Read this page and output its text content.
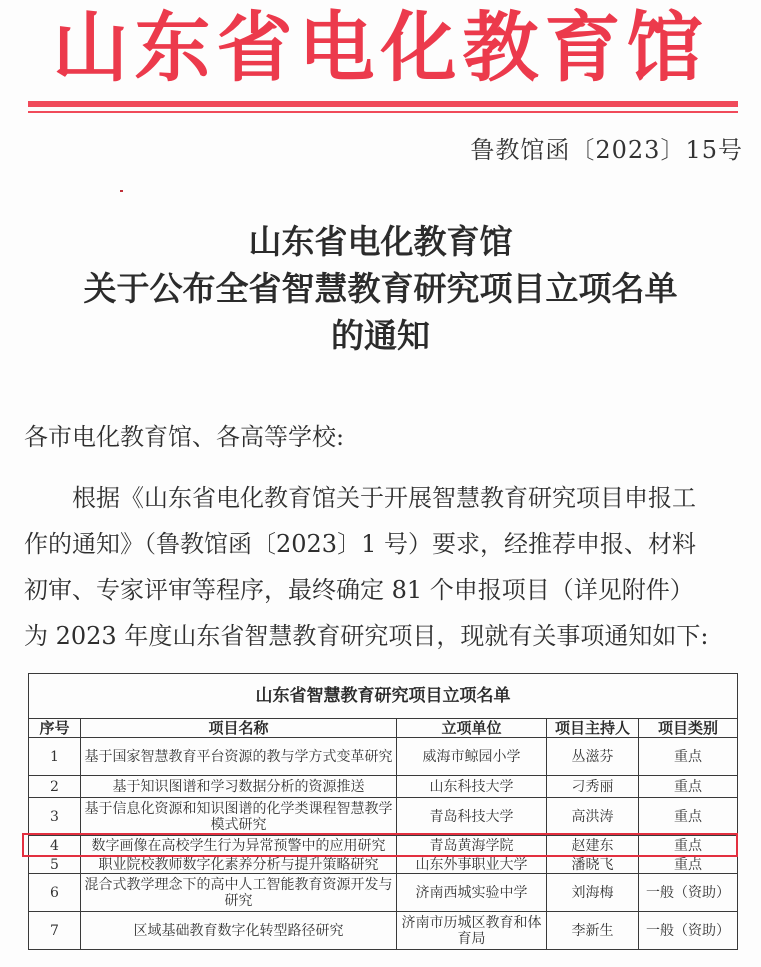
山东省电化教育馆
鲁教馆函〔2023〕15号
山东省电化教育馆
关于公布全省智慧教育研究项目立项名单
的通知
各市电化教育馆、各高等学校:
根据《山东省电化教育馆关于开展智慧教育研究项目申报工
作的通知》（鲁教馆函〔2023〕1 号）要求，经推荐申报、材料
初审、专家评审等程序，最终确定 81 个申报项目（详见附件）
为 2023 年度山东省智慧教育研究项目，现就有关事项通知如下:
山东省智慧教育研究项目立项名单				
序号	项目名称	立项单位	项目主持人	项目类别
1	基于国家智慧教育平台资源的教与学方式变革研究	威海市鲸园小学	丛滋芬	重点
2	基于知识图谱和学习数据分析的资源推送	山东科技大学	刁秀丽	重点
3	基于信息化资源和知识图谱的化学类课程智慧教学模式研究	青岛科技大学	高洪涛	重点
4	数字画像在高校学生行为异常预警中的应用研究	青岛黄海学院	赵建东	重点
5	职业院校教师数字化素养分析与提升策略研究	山东外事职业大学	潘晓飞	重点
6	混合式教学理念下的高中人工智能教育资源开发与研究	济南西城实验中学	刘海梅	一般（资助）
7	区域基础教育数字化转型路径研究	济南市历城区教育和体育局	李新生	一般（资助）
